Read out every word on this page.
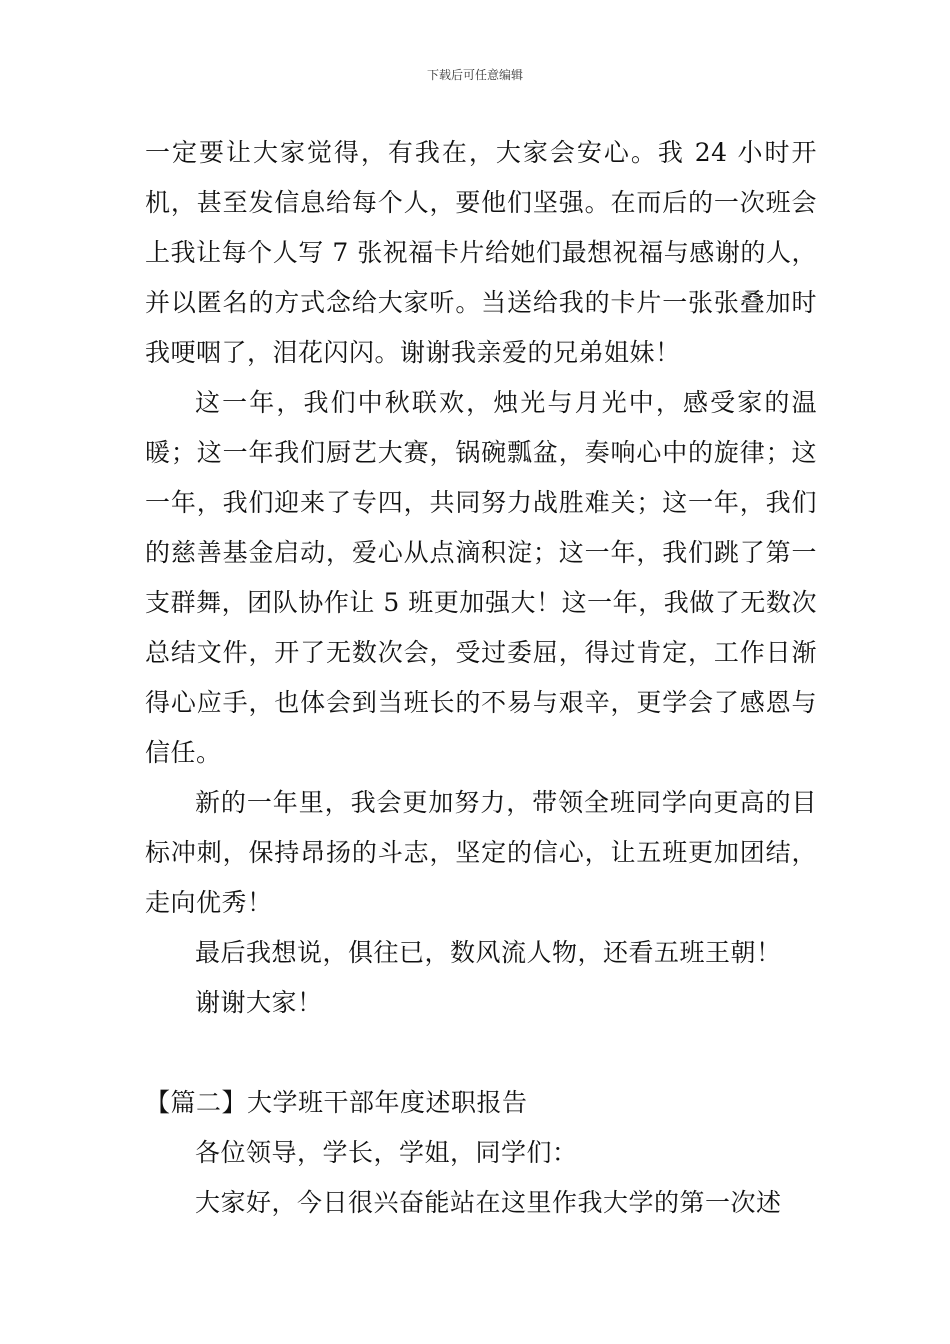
下载后可任意编辑

一定要让大家觉得，有我在，大家会安心。我 24 小时开机，甚至发信息给每个人，要他们坚强。在而后的一次班会上我让每个人写 7 张祝福卡片给她们最想祝福与感谢的人，并以匿名的方式念给大家听。当送给我的卡片一张张叠加时我哽咽了，泪花闪闪。谢谢我亲爱的兄弟姐妹！

这一年，我们中秋联欢，烛光与月光中，感受家的温暖；这一年我们厨艺大赛，锅碗瓢盆，奏响心中的旋律；这一年，我们迎来了专四，共同努力战胜难关；这一年，我们的慈善基金启动，爱心从点滴积淀；这一年，我们跳了第一支群舞，团队协作让 5 班更加强大！这一年，我做了无数次总结文件，开了无数次会，受过委屈，得过肯定，工作日渐得心应手，也体会到当班长的不易与艰辛，更学会了感恩与信任。

新的一年里，我会更加努力，带领全班同学向更高的目标冲刺，保持昂扬的斗志，坚定的信心，让五班更加团结，走向优秀！

最后我想说，俱往已，数风流人物，还看五班王朝！

谢谢大家！

【篇二】大学班干部年度述职报告

各位领导，学长，学姐，同学们：

大家好，今日很兴奋能站在这里作我大学的第一次述
